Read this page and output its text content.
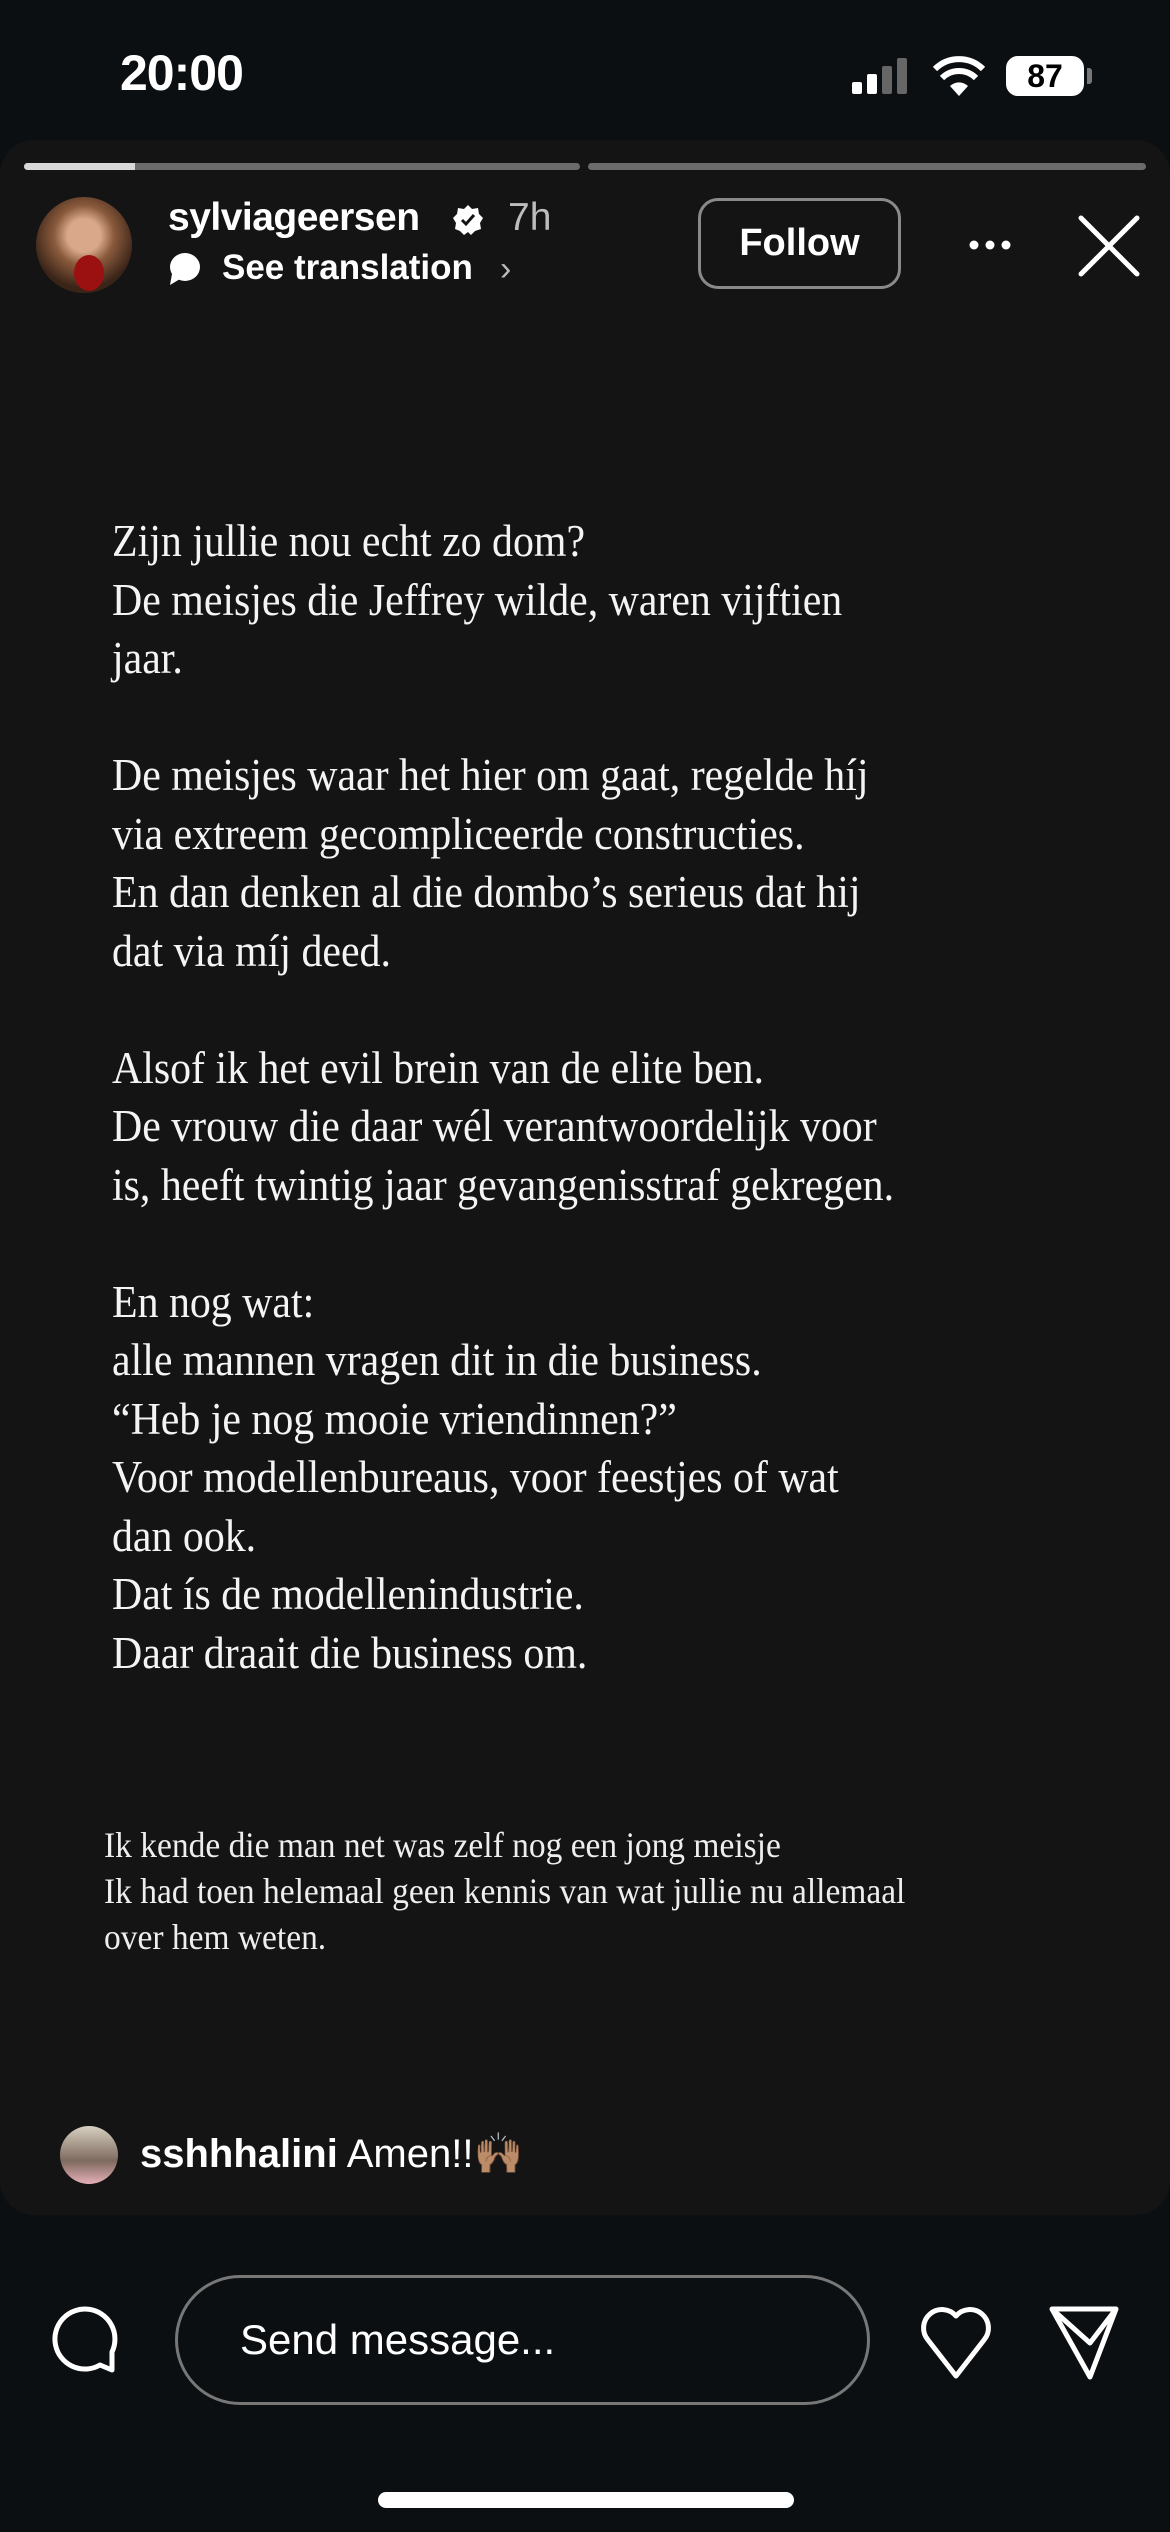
20:00	87
sylviageersen 7h
See translation ›
Follow
Zijn jullie nou echt zo dom?
De meisjes die Jeffrey wilde, waren vijftien
jaar.
De meisjes waar het hier om gaat, regelde híj
via extreem gecompliceerde constructies.
En dan denken al die dombo’s serieus dat hij
dat via míj deed.
Alsof ik het evil brein van de elite ben.
De vrouw die daar wél verantwoordelijk voor
is, heeft twintig jaar gevangenisstraf gekregen.
En nog wat:
alle mannen vragen dit in die business.
“Heb je nog mooie vriendinnen?”
Voor modellenbureaus, voor feestjes of wat
dan ook.
Dat ís de modellenindustrie.
Daar draait die business om.
Ik kende die man net was zelf nog een jong meisje
Ik had toen helemaal geen kennis van wat jullie nu allemaal
over hem weten.
sshhhalini Amen!!🙌🏽
Send message...
